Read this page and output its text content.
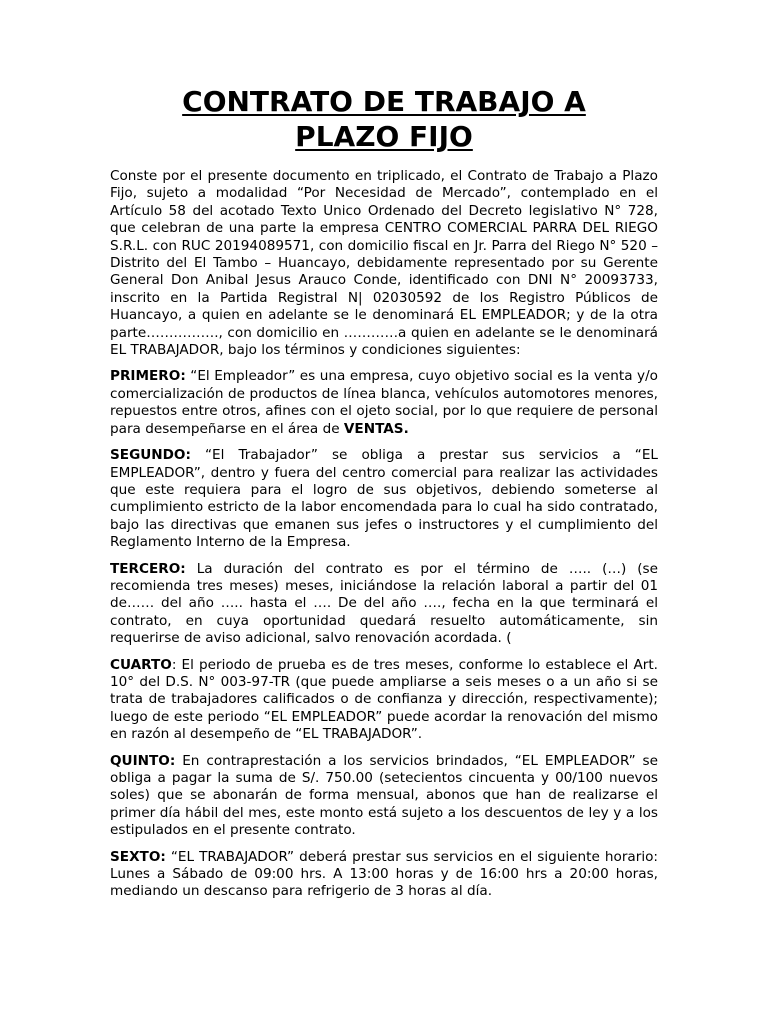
CONTRATO DE TRABAJO A
PLAZO FIJO

Conste por el presente documento en triplicado, el Contrato de Trabajo a Plazo Fijo, sujeto a modalidad “Por Necesidad de Mercado”, contemplado en el Artículo 58 del acotado Texto Unico Ordenado del Decreto legislativo N° 728, que celebran de una parte la empresa CENTRO COMERCIAL PARRA DEL RIEGO S.R.L. con RUC 20194089571, con domicilio fiscal en Jr. Parra del Riego N° 520 – Distrito del El Tambo – Huancayo, debidamente representado por su Gerente General Don Anibal Jesus Arauco Conde, identificado con DNI N° 20093733, inscrito en la Partida Registral N| 02030592 de los Registro Públicos de Huancayo, a quien en adelante se le denominará EL EMPLEADOR; y de la otra parte……………., con domicilio en …………a quien en adelante se le denominará EL TRABAJADOR, bajo los términos y condiciones siguientes:

PRIMERO: “El Empleador” es una empresa, cuyo objetivo social es la venta y/o comercialización de productos de línea blanca, vehículos automotores menores, repuestos entre otros, afines con el ojeto social, por lo que requiere de personal para desempeñarse en el área de VENTAS.

SEGUNDO: “El Trabajador” se obliga a prestar sus servicios a “EL EMPLEADOR”, dentro y fuera del centro comercial para realizar las actividades que este requiera para el logro de sus objetivos, debiendo someterse al cumplimiento estricto de la labor encomendada para lo cual ha sido contratado, bajo las directivas que emanen sus jefes o instructores y el cumplimiento del Reglamento Interno de la Empresa.

TERCERO: La duración del contrato es por el término de ….. (…) (se recomienda tres meses) meses, iniciándose la relación laboral a partir del 01 de…… del año ….. hasta el …. De del año …., fecha en la que terminará el contrato, en cuya oportunidad quedará resuelto automáticamente, sin requerirse de aviso adicional, salvo renovación acordada. (

CUARTO: El periodo de prueba es de tres meses, conforme lo establece el Art. 10° del D.S. N° 003-97-TR (que puede ampliarse a seis meses o a un año si se trata de trabajadores calificados o de confianza y dirección, respectivamente); luego de este periodo “EL EMPLEADOR” puede acordar la renovación del mismo en razón al desempeño de “EL TRABAJADOR”.

QUINTO: En contraprestación a los servicios brindados, “EL EMPLEADOR” se obliga a pagar la suma de S/. 750.00 (setecientos cincuenta y 00/100 nuevos soles) que se abonarán de forma mensual, abonos que han de realizarse el primer día hábil del mes, este monto está sujeto a los descuentos de ley y a los estipulados en el presente contrato.

SEXTO: “EL TRABAJADOR” deberá prestar sus servicios en el siguiente horario: Lunes a Sábado de 09:00 hrs. A 13:00 horas y de 16:00 hrs a 20:00 horas, mediando un descanso para refrigerio de 3 horas al día.
